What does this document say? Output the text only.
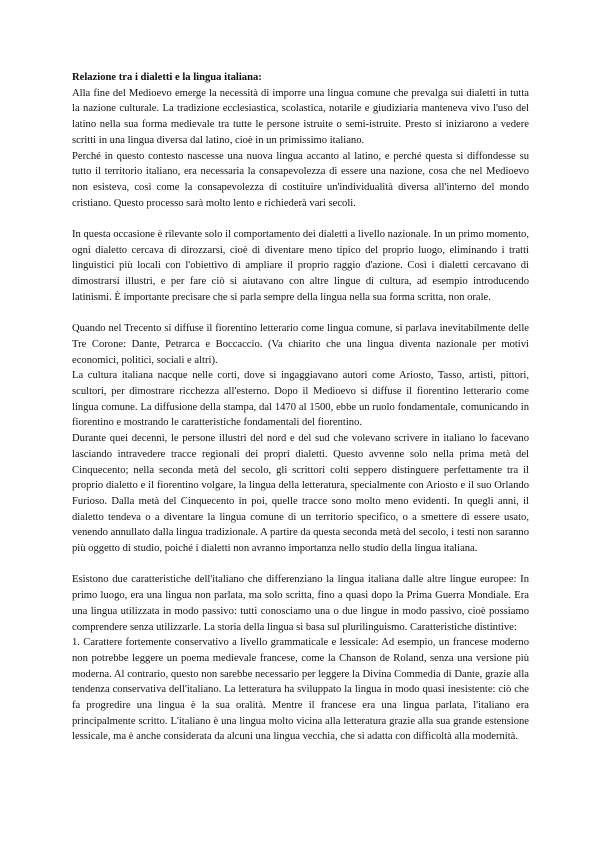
Relazione tra i dialetti e la lingua italiana:

Alla fine del Medioevo emerge la necessità di imporre una lingua comune che prevalga sui dialetti in tutta la nazione culturale. La tradizione ecclesiastica, scolastica, notarile e giudiziaria manteneva vivo l'uso del latino nella sua forma medievale tra tutte le persone istruite o semi-istruite. Presto si iniziarono a vedere scritti in una lingua diversa dal latino, cioè in un primissimo italiano.

Perché in questo contesto nascesse una nuova lingua accanto al latino, e perché questa si diffondesse su tutto il territorio italiano, era necessaria la consapevolezza di essere una nazione, cosa che nel Medioevo non esisteva, così come la consapevolezza di costituire un'individualità diversa all'interno del mondo cristiano. Questo processo sarà molto lento e richiederà vari secoli.

In questa occasione è rilevante solo il comportamento dei dialetti a livello nazionale. In un primo momento, ogni dialetto cercava di dirozzarsi, cioè di diventare meno tipico del proprio luogo, eliminando i tratti linguistici più locali con l'obiettivo di ampliare il proprio raggio d'azione. Così i dialetti cercavano di dimostrarsi illustri, e per fare ciò si aiutavano con altre lingue di cultura, ad esempio introducendo latinismi. È importante precisare che si parla sempre della lingua nella sua forma scritta, non orale.

Quando nel Trecento si diffuse il fiorentino letterario come lingua comune, si parlava inevitabilmente delle Tre Corone: Dante, Petrarca e Boccaccio. (Va chiarito che una lingua diventa nazionale per motivi economici, politici, sociali e altri).

La cultura italiana nacque nelle corti, dove si ingaggiavano autori come Ariosto, Tasso, artisti, pittori, scultori, per dimostrare ricchezza all'esterno. Dopo il Medioevo si diffuse il fiorentino letterario come lingua comune. La diffusione della stampa, dal 1470 al 1500, ebbe un ruolo fondamentale, comunicando in fiorentino e mostrando le caratteristiche fondamentali del fiorentino.

Durante quei decenni, le persone illustri del nord e del sud che volevano scrivere in italiano lo facevano lasciando intravedere tracce regionali dei propri dialetti. Questo avvenne solo nella prima metà del Cinquecento; nella seconda metà del secolo, gli scrittori colti seppero distinguere perfettamente tra il proprio dialetto e il fiorentino volgare, la lingua della letteratura, specialmente con Ariosto e il suo Orlando Furioso. Dalla metà del Cinquecento in poi, quelle tracce sono molto meno evidenti. In quegli anni, il dialetto tendeva o a diventare la lingua comune di un territorio specifico, o a smettere di essere usato, venendo annullato dalla lingua tradizionale. A partire da questa seconda metà del secolo, i testi non saranno più oggetto di studio, poiché i dialetti non avranno importanza nello studio della lingua italiana.

Esistono due caratteristiche dell'italiano che differenziano la lingua italiana dalle altre lingue europee: In primo luogo, era una lingua non parlata, ma solo scritta, fino a quasi dopo la Prima Guerra Mondiale. Era una lingua utilizzata in modo passivo: tutti conosciamo una o due lingue in modo passivo, cioè possiamo comprendere senza utilizzarle. La storia della lingua si basa sul plurilinguismo. Caratteristiche distintive:

1. Carattere fortemente conservativo a livello grammaticale e lessicale: Ad esempio, un francese moderno non potrebbe leggere un poema medievale francese, come la Chanson de Roland, senza una versione più moderna. Al contrario, questo non sarebbe necessario per leggere la Divina Commedia di Dante, grazie alla tendenza conservativa dell'italiano. La letteratura ha sviluppato la lingua in modo quasi inesistente: ciò che fa progredire una lingua è la sua oralità. Mentre il francese era una lingua parlata, l'italiano era principalmente scritto. L'italiano è una lingua molto vicina alla letteratura grazie alla sua grande estensione lessicale, ma è anche considerata da alcuni una lingua vecchia, che si adatta con difficoltà alla modernità.
